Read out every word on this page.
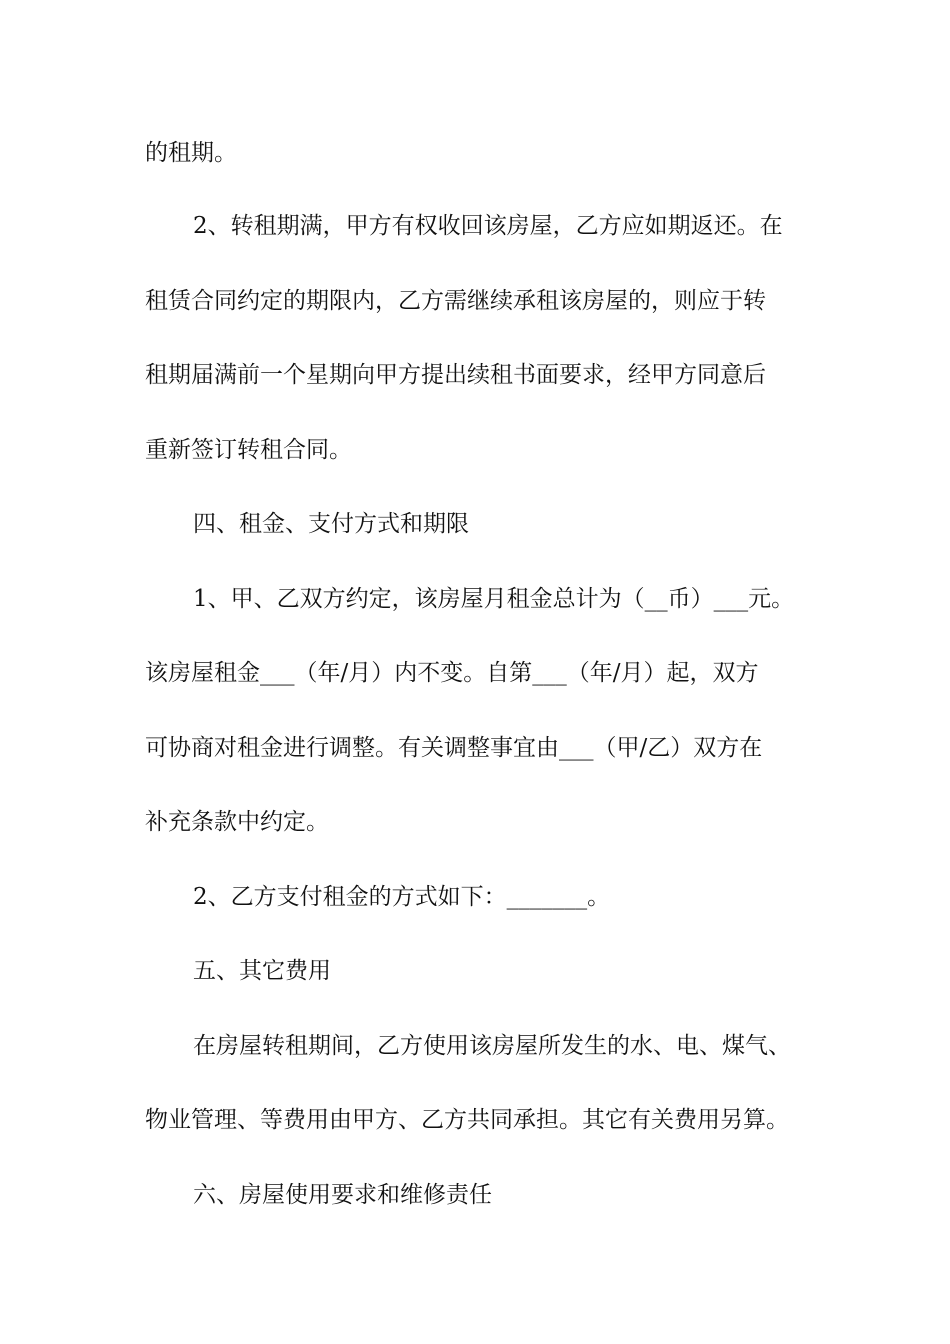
的租期。
2、转租期满，甲方有权收回该房屋，乙方应如期返还。在
租赁合同约定的期限内，乙方需继续承租该房屋的，则应于转
租期届满前一个星期向甲方提出续租书面要求，经甲方同意后
重新签订转租合同。
四、租金、支付方式和期限
1、甲、乙双方约定，该房屋月租金总计为（__币）___元。
该房屋租金___（年/月）内不变。自第___（年/月）起，双方
可协商对租金进行调整。有关调整事宜由___（甲/乙）双方在
补充条款中约定。
2、乙方支付租金的方式如下：_______。
五、其它费用
在房屋转租期间，乙方使用该房屋所发生的水、电、煤气、
物业管理、等费用由甲方、乙方共同承担。其它有关费用另算。
六、房屋使用要求和维修责任
